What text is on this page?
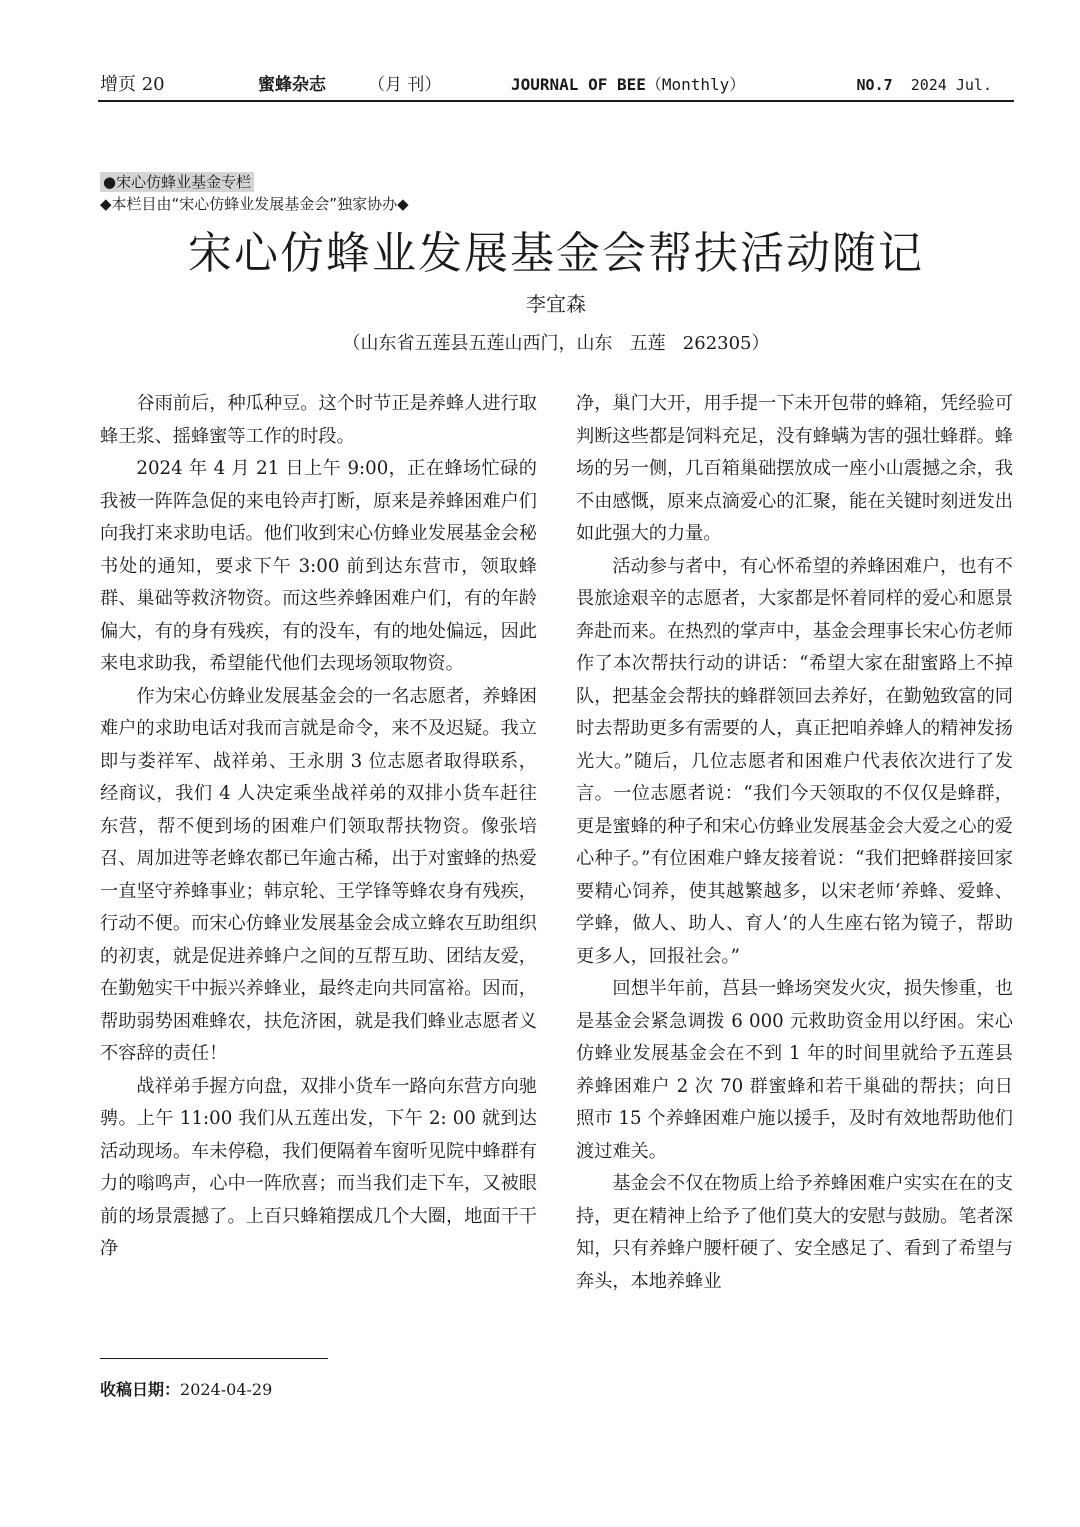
增页 20	蜜蜂杂志 （月 刊）	JOURNAL OF BEE（Monthly）	NO.7 2024 Jul.
●宋心仿蜂业基金专栏
◆本栏目由“宋心仿蜂业发展基金会”独家协办◆
宋心仿蜂业发展基金会帮扶活动随记
李宜森
（山东省五莲县五莲山西门，山东   五莲   262305）

谷雨前后，种瓜种豆。这个时节正是养蜂人进行取蜂王浆、摇蜂蜜等工作的时段。

2024 年 4 月 21 日上午 9:00，正在蜂场忙碌的我被一阵阵急促的来电铃声打断，原来是养蜂困难户们向我打来求助电话。他们收到宋心仿蜂业发展基金会秘书处的通知，要求下午 3:00 前到达东营市，领取蜂群、巢础等救济物资。而这些养蜂困难户们，有的年龄偏大，有的身有残疾，有的没车，有的地处偏远，因此来电求助我，希望能代他们去现场领取物资。

作为宋心仿蜂业发展基金会的一名志愿者，养蜂困难户的求助电话对我而言就是命令，来不及迟疑。我立即与娄祥军、战祥弟、王永朋 3 位志愿者取得联系，经商议，我们 4 人决定乘坐战祥弟的双排小货车赶往东营，帮不便到场的困难户们领取帮扶物资。像张培召、周加进等老蜂农都已年逾古稀，出于对蜜蜂的热爱一直坚守养蜂事业；韩京轮、王学锋等蜂农身有残疾，行动不便。而宋心仿蜂业发展基金会成立蜂农互助组织的初衷，就是促进养蜂户之间的互帮互助、团结友爱，在勤勉实干中振兴养蜂业，最终走向共同富裕。因而，帮助弱势困难蜂农，扶危济困，就是我们蜂业志愿者义不容辞的责任！

战祥弟手握方向盘，双排小货车一路向东营方向驰骋。上午 11:00 我们从五莲出发，下午 2: 00 就到达活动现场。车未停稳，我们便隔着车窗听见院中蜂群有力的嗡鸣声，心中一阵欣喜；而当我们走下车，又被眼前的场景震撼了。上百只蜂箱摆成几个大圈，地面干干净

净，巢门大开，用手提一下未开包带的蜂箱，凭经验可判断这些都是饲料充足，没有蜂螨为害的强壮蜂群。蜂场的另一侧，几百箱巢础摆放成一座小山震撼之余，我不由感慨，原来点滴爱心的汇聚，能在关键时刻迸发出如此强大的力量。

活动参与者中，有心怀希望的养蜂困难户，也有不畏旅途艰辛的志愿者，大家都是怀着同样的爱心和愿景奔赴而来。在热烈的掌声中，基金会理事长宋心仿老师作了本次帮扶行动的讲话：“希望大家在甜蜜路上不掉队，把基金会帮扶的蜂群领回去养好，在勤勉致富的同时去帮助更多有需要的人，真正把咱养蜂人的精神发扬光大。”随后，几位志愿者和困难户代表依次进行了发言。一位志愿者说：“我们今天领取的不仅仅是蜂群，更是蜜蜂的种子和宋心仿蜂业发展基金会大爱之心的爱心种子。”有位困难户蜂友接着说：“我们把蜂群接回家要精心饲养，使其越繁越多，以宋老师‘养蜂、爱蜂、学蜂，做人、助人、育人’的人生座右铭为镜子，帮助更多人，回报社会。”

回想半年前，莒县一蜂场突发火灾，损失惨重，也是基金会紧急调拨 6 000 元救助资金用以纾困。宋心仿蜂业发展基金会在不到 1 年的时间里就给予五莲县养蜂困难户 2 次 70 群蜜蜂和若干巢础的帮扶；向日照市 15 个养蜂困难户施以援手，及时有效地帮助他们渡过难关。

基金会不仅在物质上给予养蜂困难户实实在在的支持，更在精神上给予了他们莫大的安慰与鼓励。笔者深知，只有养蜂户腰杆硬了、安全感足了、看到了希望与奔头，本地养蜂业

收稿日期：2024-04-29
